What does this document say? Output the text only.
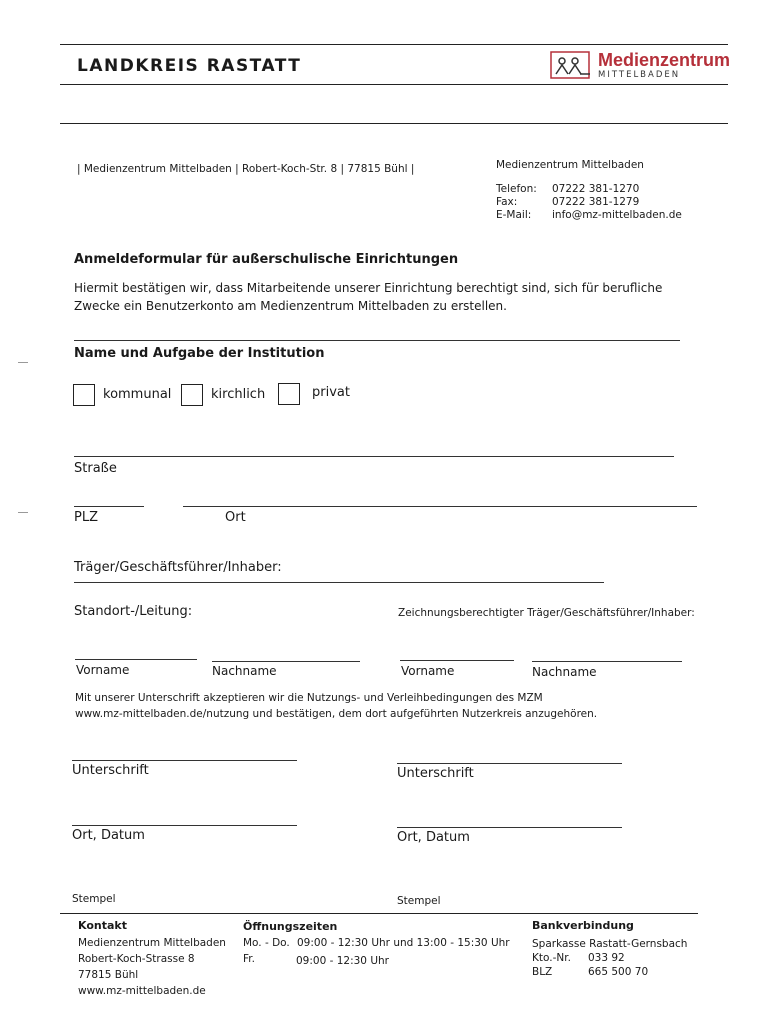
LANDKREIS RASTATT	Medienzentrum
MITTELBADEN
| Medienzentrum Mittelbaden | Robert-Koch-Str. 8 | 77815 Bühl |	Medienzentrum Mittelbaden
Telefon: 07222 381-1270
Fax:	07222 381-1279
E-Mail: info@mz-mittelbaden.de
Anmeldeformular für außerschulische Einrichtungen
Hiermit bestätigen wir, dass Mitarbeitende unserer Einrichtung berechtigt sind, sich für berufliche
Zwecke ein Benutzerkonto am Medienzentrum Mittelbaden zu erstellen.
Name und Aufgabe der Institution
kommunal	kirchlich	privat
Straße
PLZ	Ort
Träger/Geschäftsführer/Inhaber:
Standort-/Leitung:	Zeichnungsberechtigter Träger/Geschäftsführer/Inhaber:
Vorname	Nachname	Vorname	Nachname
Mit unserer Unterschrift akzeptieren wir die Nutzungs- und Verleihbedingungen des MZM
www.mz-mittelbaden.de/nutzung und bestätigen, dem dort aufgeführten Nutzerkreis anzugehören.
Unterschrift	Unterschrift
Ort, Datum	Ort, Datum
Stempel	Stempel
Kontakt
Medienzentrum Mittelbaden
Robert-Koch-Strasse 8
77815 Bühl
www.mz-mittelbaden.de
Öffnungszeiten
Mo. - Do. 09:00 - 12:30 Uhr und 13:00 - 15:30 Uhr
Fr.	09:00 - 12:30 Uhr
Bankverbindung
Sparkasse Rastatt-Gernsbach
Kto.-Nr. 033 92
BLZ	665 500 70
